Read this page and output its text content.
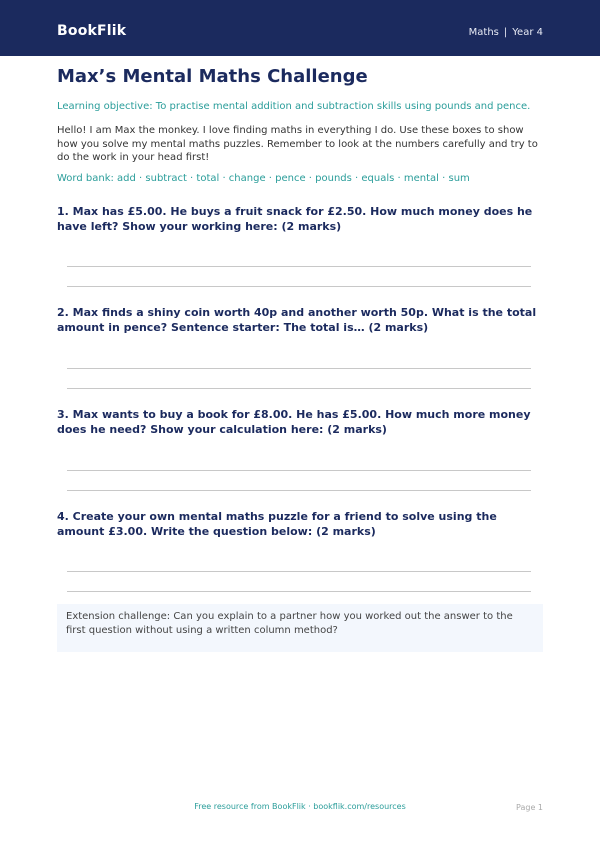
BookFlik	Maths | Year 4
Max’s Mental Maths Challenge
Learning objective: To practise mental addition and subtraction skills using pounds and pence.
Hello! I am Max the monkey. I love finding maths in everything I do. Use these boxes to show how you solve my mental maths puzzles. Remember to look at the numbers carefully and try to do the work in your head first!
Word bank: add · subtract · total · change · pence · pounds · equals · mental · sum
1. Max has £5.00. He buys a fruit snack for £2.50. How much money does he have left? Show your working here: (2 marks)
2. Max finds a shiny coin worth 40p and another worth 50p. What is the total amount in pence? Sentence starter: The total is… (2 marks)
3. Max wants to buy a book for £8.00. He has £5.00. How much more money does he need? Show your calculation here: (2 marks)
4. Create your own mental maths puzzle for a friend to solve using the amount £3.00. Write the question below: (2 marks)
Extension challenge: Can you explain to a partner how you worked out the answer to the first question without using a written column method?
Free resource from BookFlik · bookflik.com/resources	Page 1
